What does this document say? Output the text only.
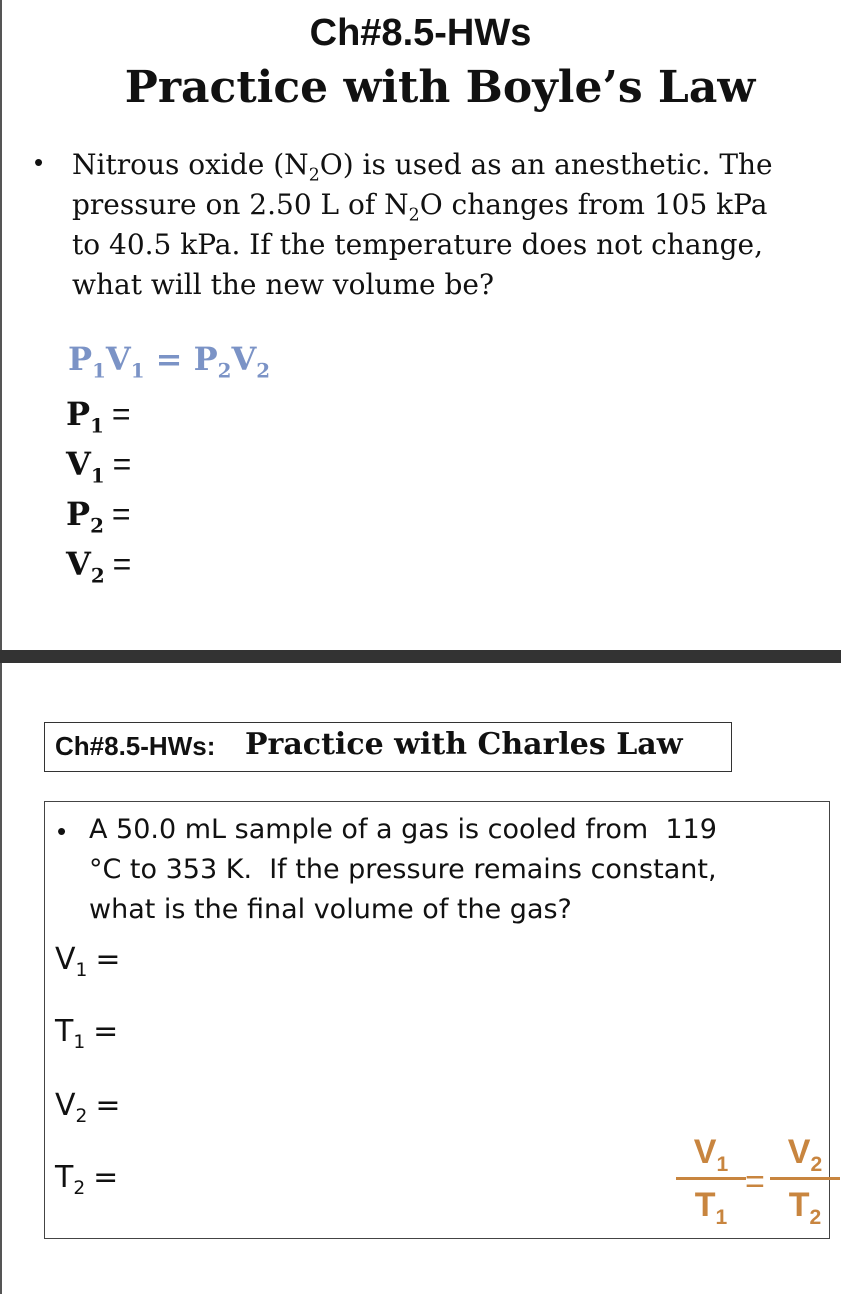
Ch#8.5-HWs
Practice with Boyle’s Law
• Nitrous oxide $(N_2O)$ is used as an anesthetic. The
pressure on 2.50 L of $N_2O$ changes from 105 kPa
to 40.5 kPa. If the temperature does not change,
what will the new volume be?
$P_1V_1 = P_2V_2$
$P_1$ =
$V_1$ =
$P_2$ =
$V_2$ =
Ch#8.5-HWs: Practice with Charles Law
• A 50.0 mL sample of a gas is cooled from  119
°C to 353 K.  If the pressure remains constant,
what is the final volume of the gas?
$V_1$ =
$T_1$ =
$V_2$ =
$T_2$ =
$V_1$
$T_1$
=
$V_2$
$T_2$
